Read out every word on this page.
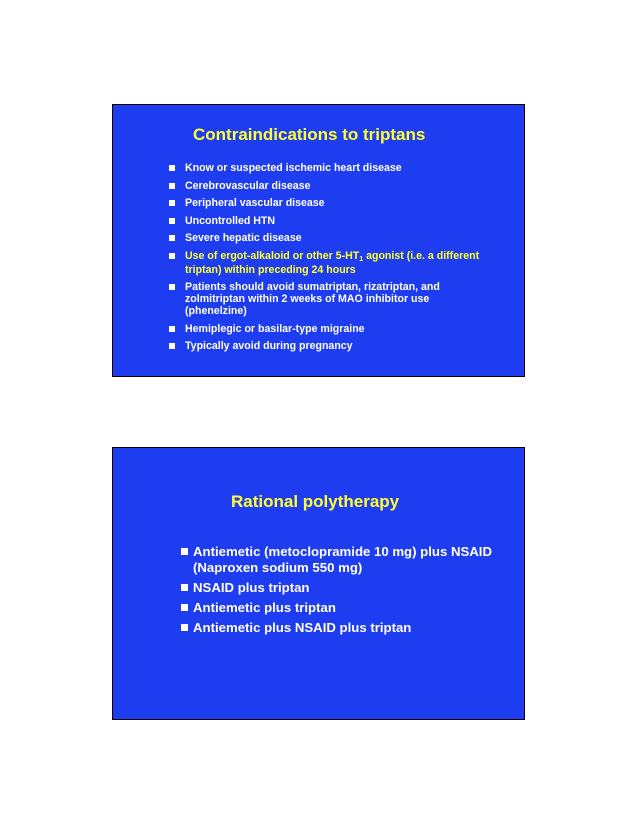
Contraindications to triptans
Know or suspected ischemic heart disease
Cerebrovascular disease
Peripheral vascular disease
Uncontrolled HTN
Severe hepatic disease
Use of ergot-alkaloid or other 5-HT1 agonist (i.e. a different triptan) within preceding 24 hours
Patients should avoid sumatriptan, rizatriptan, and zolmitriptan within 2 weeks of MAO inhibitor use (phenelzine)
Hemiplegic or basilar-type migraine
Typically avoid during pregnancy
Rational polytherapy
Antiemetic (metoclopramide 10 mg) plus NSAID (Naproxen sodium 550 mg)
NSAID plus triptan
Antiemetic plus triptan
Antiemetic plus NSAID plus triptan
